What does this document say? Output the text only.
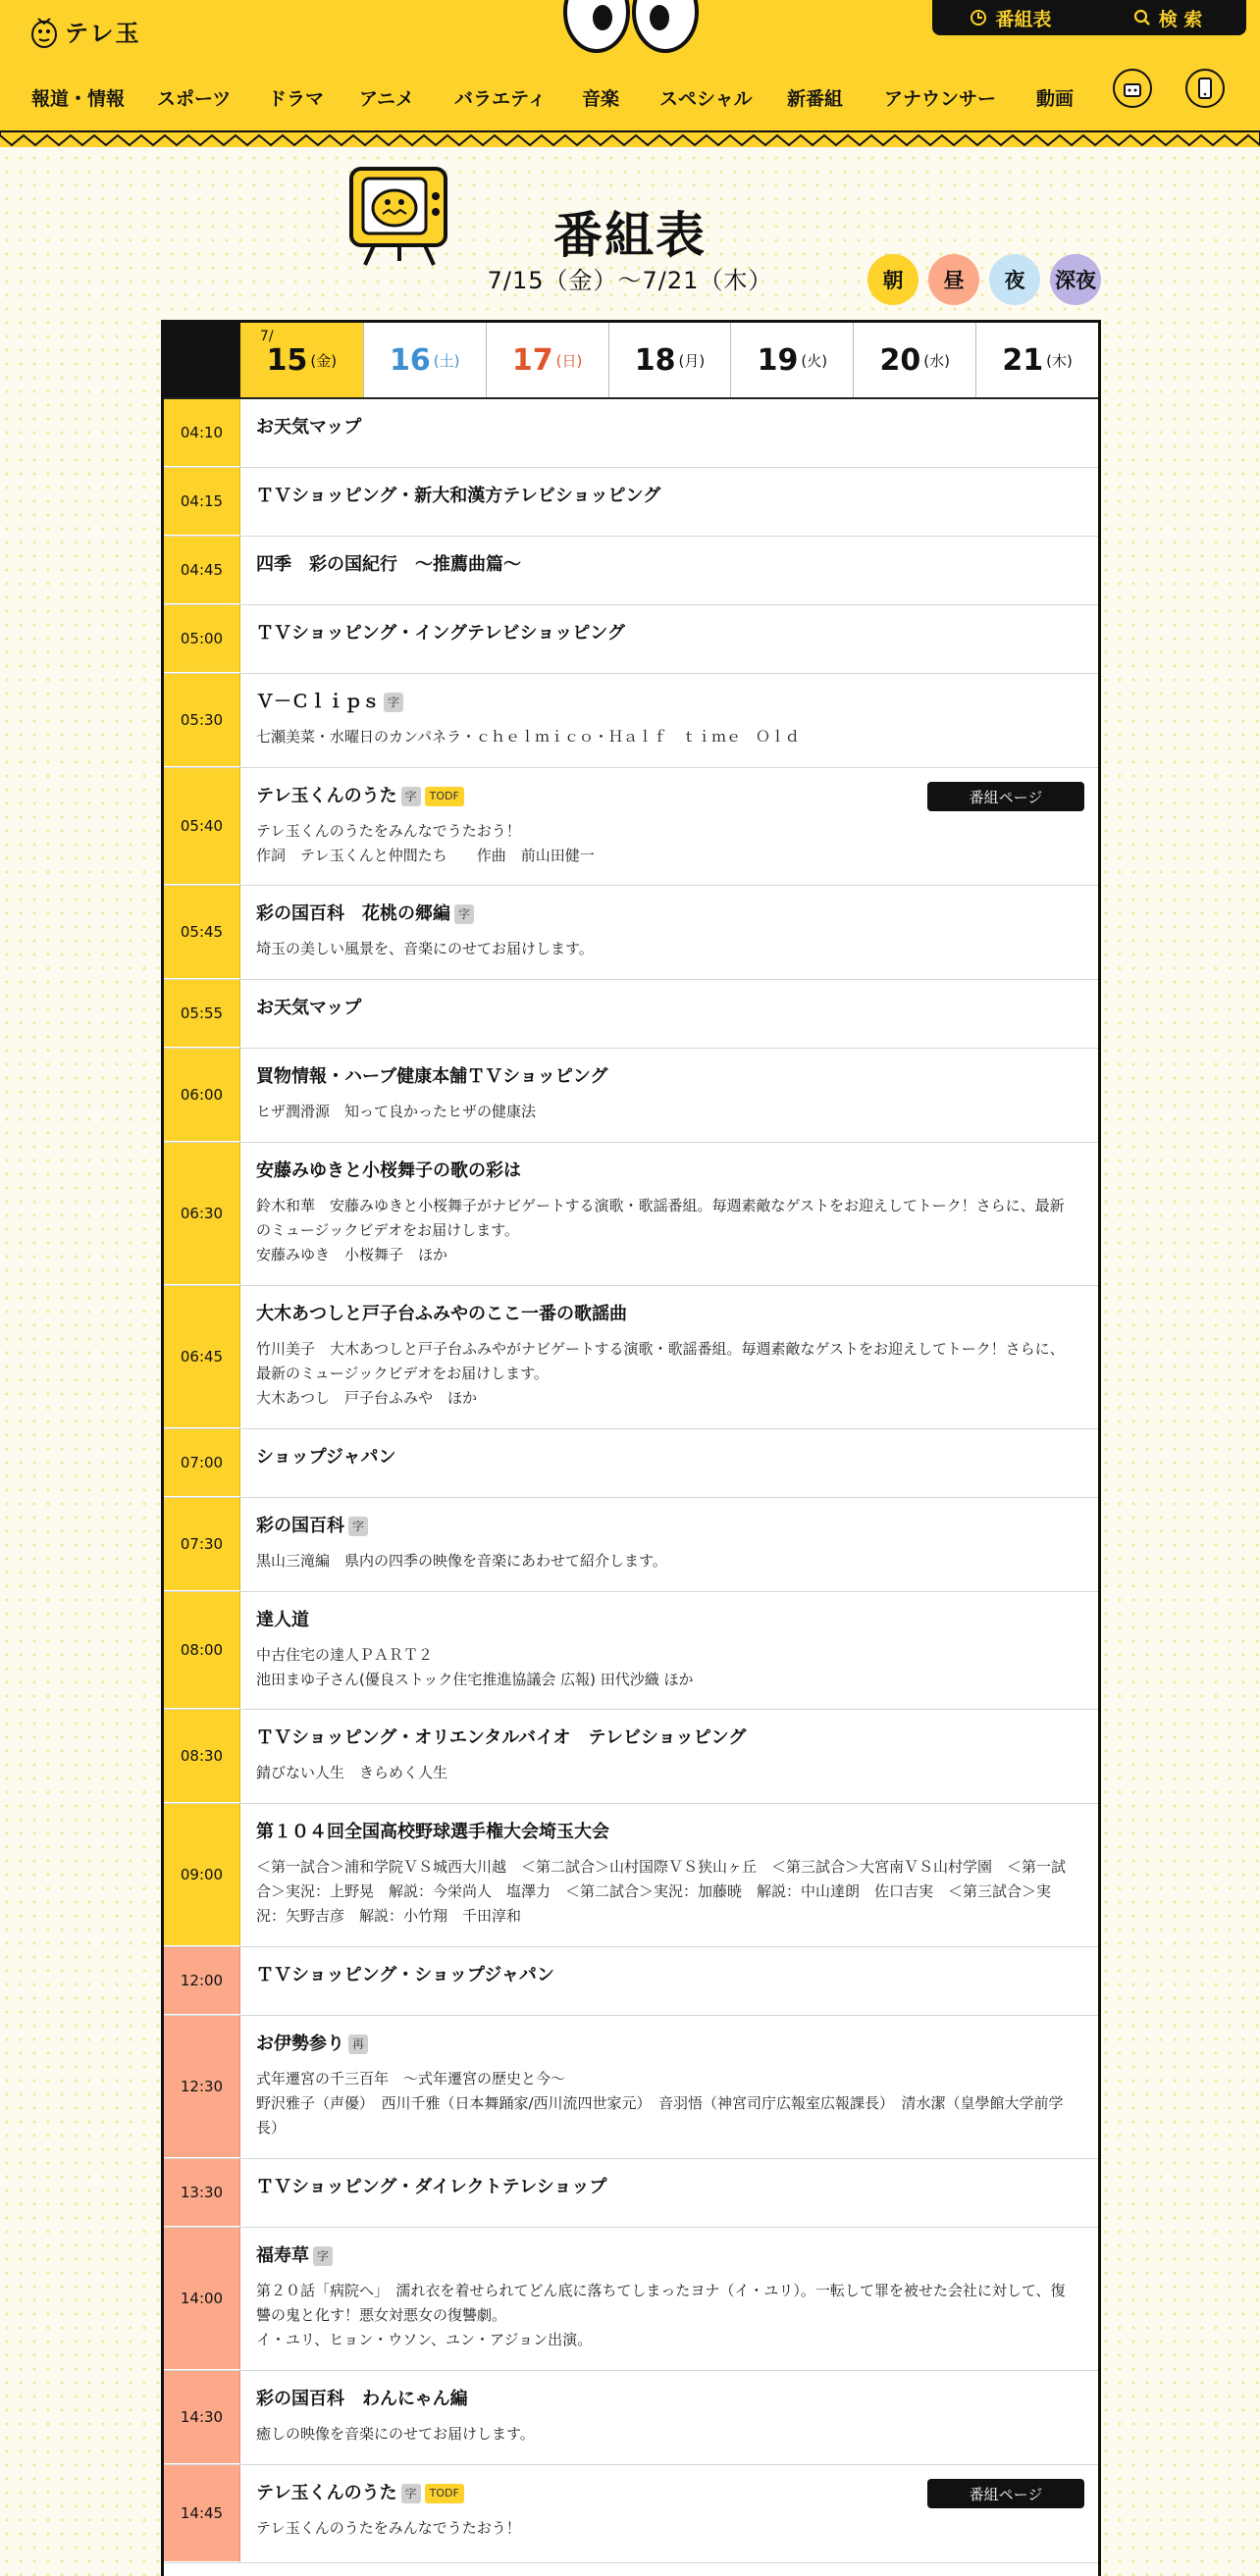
テレ玉
番組表	検 索
報道・情報 スポーツ ドラマ アニメ バラエティ 音楽 スペシャル 新番組 アナウンサー 動画
番組表
7/15（金）〜7/21（木）	朝 昼 夜 深夜
7/
15 (金) 16 (土) 17 (日) 18 (月) 19 (火) 20 (水) 21 (木)
04:10	お天気マップ
04:15	ＴＶショッピング・新大和漢方テレビショッピング
04:45	四季　彩の国紀行　～推薦曲篇～
05:00	ＴＶショッピング・イングテレビショッピング
05:30
Ｖ－Ｃｌｉｐｓ 字
七瀬美菜・水曜日のカンパネラ・ｃｈｅｌｍｉｃｏ・Ｈａｌｆ　ｔｉｍｅ　Ｏｌｄ
05:40
テレ玉くんのうた 字	TODF
テレ玉くんのうたをみんなでうたおう！
作詞　テレ玉くんと仲間たち　　作曲　前山田健一
番組ページ
05:45
彩の国百科　花桃の郷編 字
埼玉の美しい風景を、音楽にのせてお届けします。
05:55	お天気マップ
06:00
買物情報・ハーブ健康本舗ＴＶショッピング
ヒザ潤滑源　知って良かったヒザの健康法
06:30
安藤みゆきと小桜舞子の歌の彩は
鈴木和華　安藤みゆきと小桜舞子がナビゲートする演歌・歌謡番組。毎週素敵なゲストをお迎えしてトーク！さらに、最新のミュージックビデオをお届けします。
安藤みゆき　小桜舞子　ほか
06:45
大木あつしと戸子台ふみやのここ一番の歌謡曲
竹川美子　大木あつしと戸子台ふみやがナビゲートする演歌・歌謡番組。毎週素敵なゲストをお迎えしてトーク！さらに、最新のミュージックビデオをお届けします。
大木あつし　戸子台ふみや　ほか
07:00	ショップジャパン
07:30
彩の国百科 字
黒山三滝編　県内の四季の映像を音楽にあわせて紹介します。
08:00
達人道
中古住宅の達人ＰＡＲＴ２
池田まゆ子さん(優良ストック住宅推進協議会 広報) 田代沙織 ほか
08:30
ＴＶショッピング・オリエンタルバイオ　テレビショッピング
錆びない人生　きらめく人生
09:00
第１０４回全国高校野球選手権大会埼玉大会
＜第一試合＞浦和学院ＶＳ城西大川越　＜第二試合＞山村国際ＶＳ狭山ヶ丘　＜第三試合＞大宮南ＶＳ山村学園　＜第一試合＞実況：上野晃　解説：今栄尚人　塩澤力　＜第二試合＞実況：加藤暁　解説：中山達朗　佐口吉実　＜第三試合＞実況：矢野吉彦　解説：小竹翔　千田淳和
12:00	ＴＶショッピング・ショップジャパン
12:30
お伊勢参り 再
式年遷宮の千三百年　～式年遷宮の歴史と今～
野沢雅子（声優）　西川千雅（日本舞踊家/西川流四世家元）　音羽悟（神宮司庁広報室広報課長）　清水潔（皇學館大学前学長）
13:30	ＴＶショッピング・ダイレクトテレショップ
14:00
福寿草 字
第２０話「病院へ」　濡れ衣を着せられてどん底に落ちてしまったヨナ（イ・ユリ）。一転して罪を被せた会社に対して、復讐の鬼と化す！悪女対悪女の復讐劇。
イ・ユリ、ヒョン・ウソン、ユン・アジョン出演。
14:30
彩の国百科　わんにゃん編
癒しの映像を音楽にのせてお届けします。
14:45
テレ玉くんのうた 字	TODF
テレ玉くんのうたをみんなでうたおう！
番組ページ
